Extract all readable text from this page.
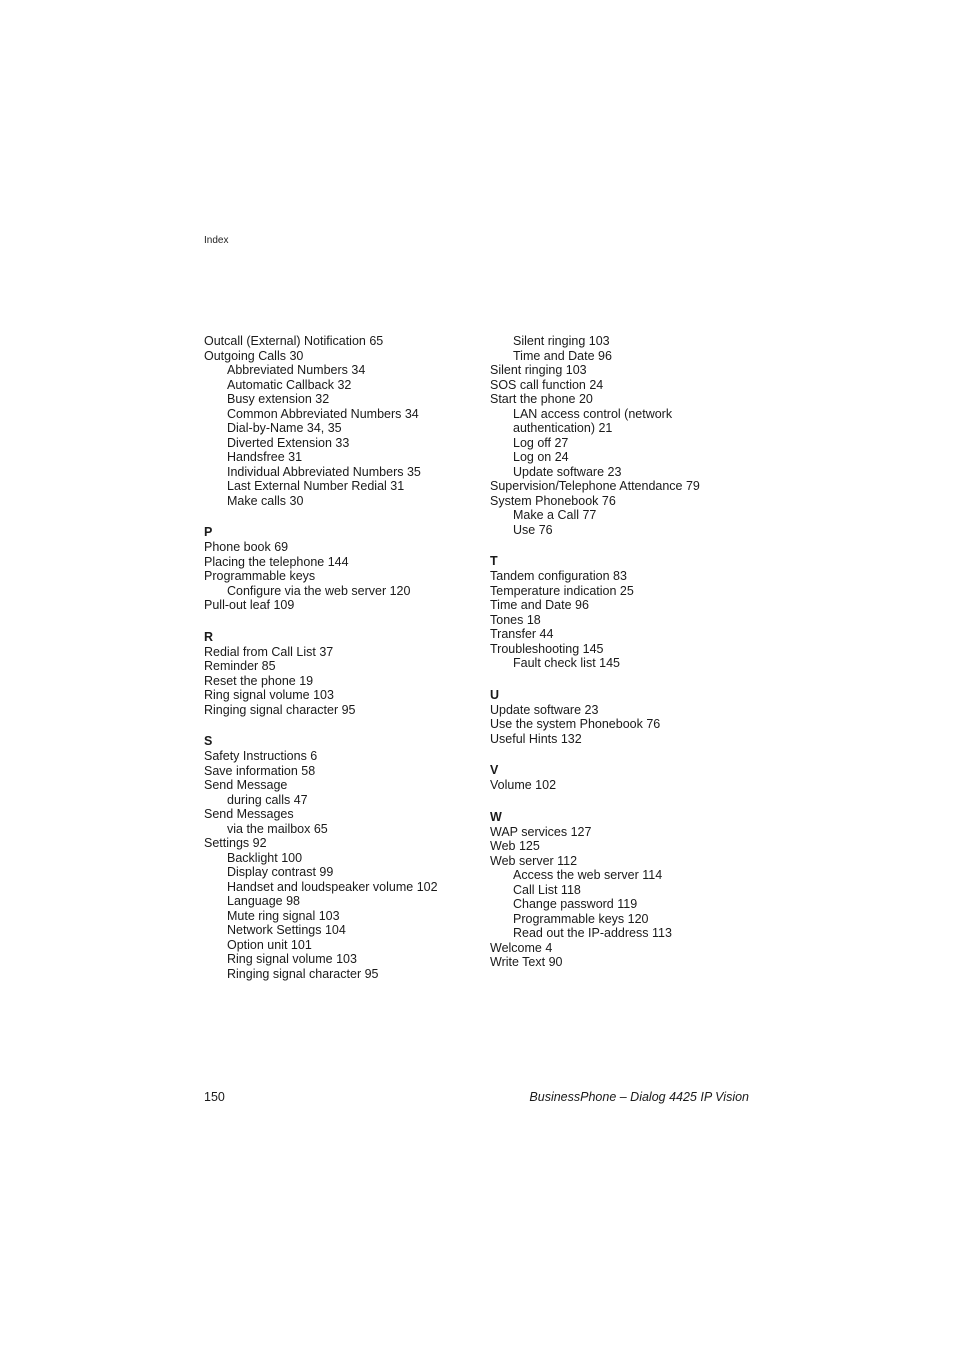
Index
Outcall (External) Notification 65
Outgoing Calls 30
Abbreviated Numbers 34
Automatic Callback 32
Busy extension 32
Common Abbreviated Numbers 34
Dial-by-Name 34, 35
Diverted Extension 33
Handsfree 31
Individual Abbreviated Numbers 35
Last External Number Redial 31
Make calls 30
P
Phone book 69
Placing the telephone 144
Programmable keys
Configure via the web server 120
Pull-out leaf 109
R
Redial from Call List 37
Reminder 85
Reset the phone 19
Ring signal volume 103
Ringing signal character 95
S
Safety Instructions 6
Save information 58
Send Message
during calls 47
Send Messages
via the mailbox 65
Settings 92
Backlight 100
Display contrast 99
Handset and loudspeaker volume 102
Language 98
Mute ring signal 103
Network Settings 104
Option unit 101
Ring signal volume 103
Ringing signal character 95
Silent ringing 103
Time and Date 96
Silent ringing 103
SOS call function 24
Start the phone 20
LAN access control (network
authentication) 21
Log off 27
Log on 24
Update software 23
Supervision/Telephone Attendance 79
System Phonebook 76
Make a Call 77
Use 76
T
Tandem configuration 83
Temperature indication 25
Time and Date 96
Tones 18
Transfer 44
Troubleshooting 145
Fault check list 145
U
Update software 23
Use the system Phonebook 76
Useful Hints 132
V
Volume 102
W
WAP services 127
Web 125
Web server 112
Access the web server 114
Call List 118
Change password 119
Programmable keys 120
Read out the IP-address 113
Welcome 4
Write Text 90
150	BusinessPhone – Dialog 4425 IP Vision
